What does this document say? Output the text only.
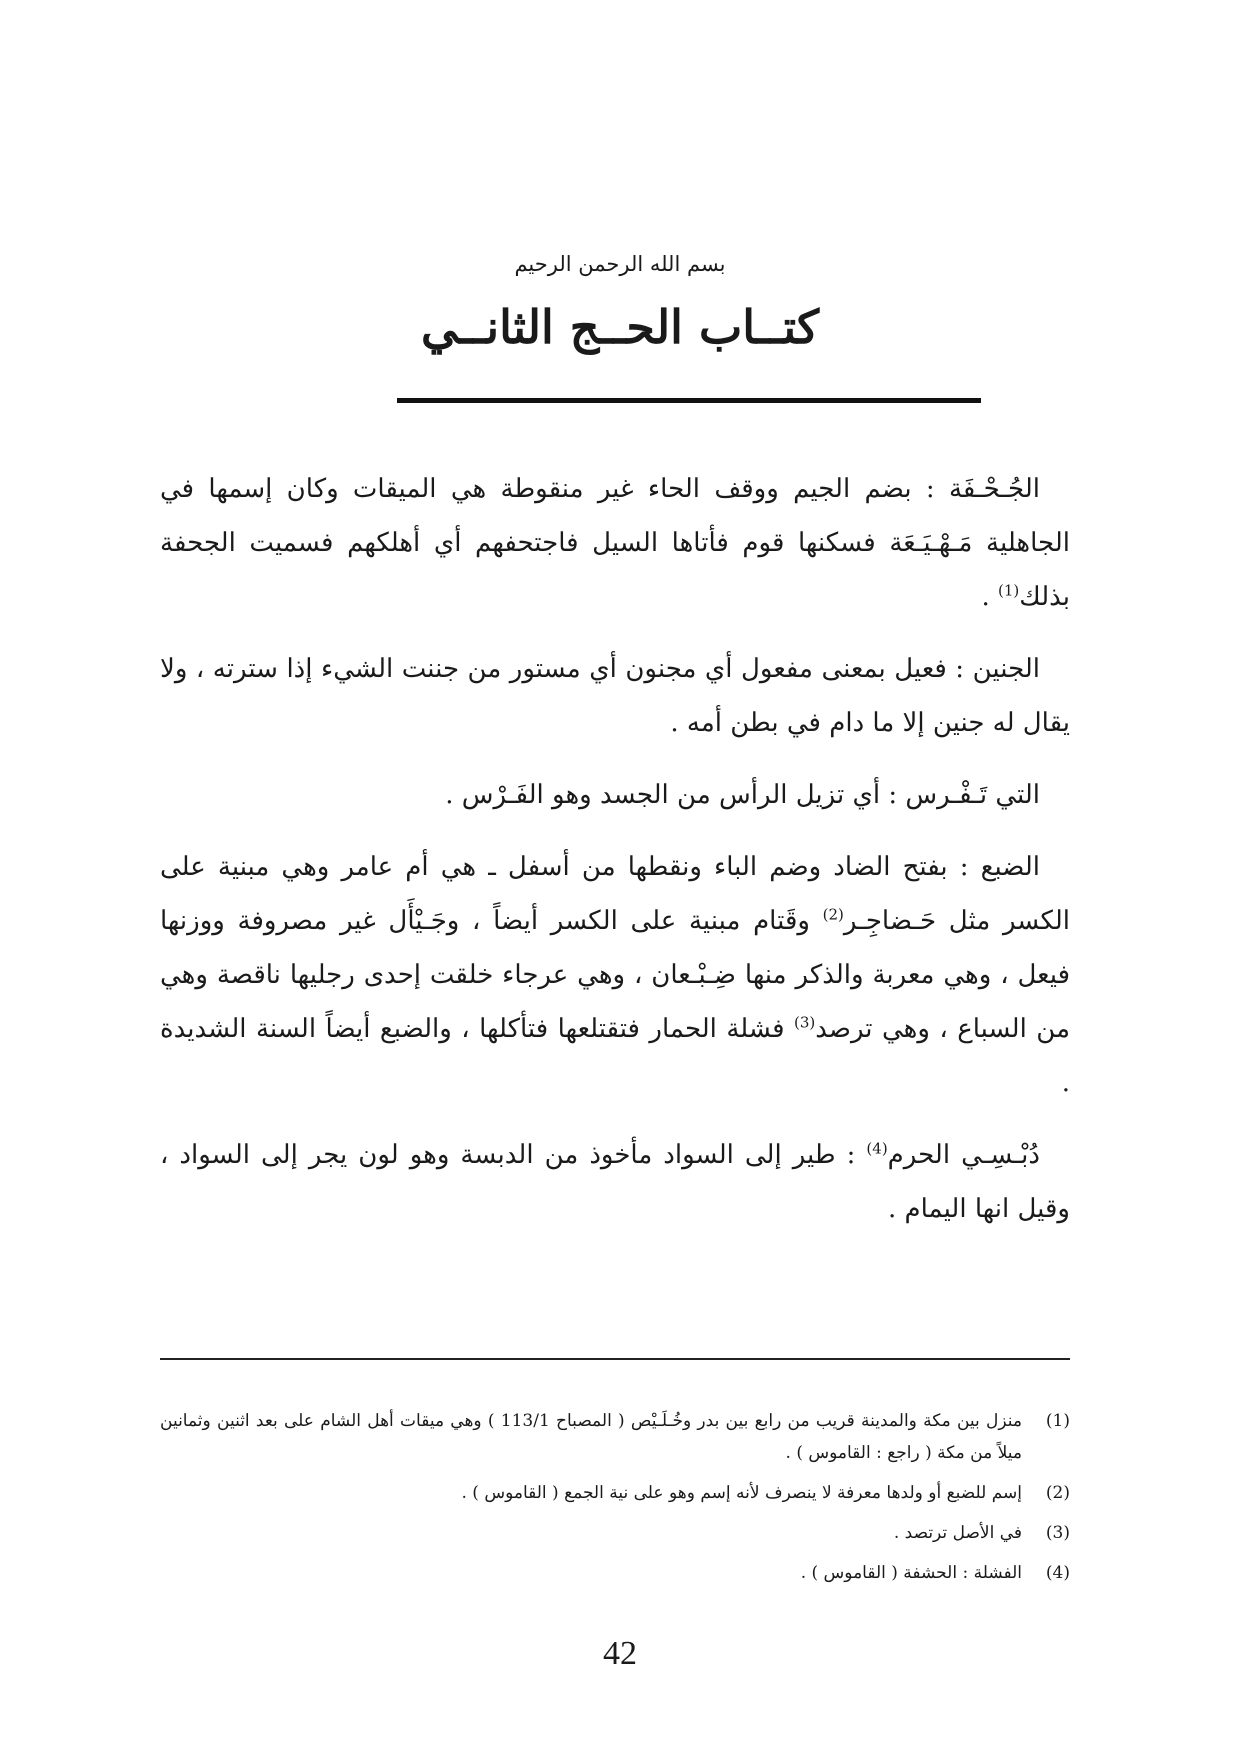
بسم الله الرحمن الرحيم
كتــاب الحــج الثانــي

الجُـحْـفَة : بضم الجيم ووقف الحاء غير منقوطة هي الميقات وكان إسمها في الجاهلية مَـهْـيَـعَة فسكنها قوم فأتاها السيل فاجتحفهم أي أهلكهم فسميت الجحفة بذلك$^{(1)}$ .

الجنين : فعيل بمعنى مفعول أي مجنون أي مستور من جننت الشيء إذا سترته ، ولا يقال له جنين إلا ما دام في بطن أمه .

التي تَـفْـرس : أي تزيل الرأس من الجسد وهو الفَـرْس .

الضبع : بفتح الضاد وضم الباء ونقطها من أسفل ـ هي أم عامر وهي مبنية على الكسر مثل حَـضاجِـر$^{(2)}$ وقَتام مبنية على الكسر أيضاً ، وجَـيْأَل غير مصروفة ووزنها فيعل ، وهي معربة والذكر منها ضِـبْـعان ، وهي عرجاء خلقت إحدى رجليها ناقصة وهي من السباع ، وهي ترصد$^{(3)}$ فشلة الحمار فتقتلعها فتأكلها ، والضبع أيضاً السنة الشديدة .

دُبْـسِـي الحرم$^{(4)}$ : طير إلى السواد مأخوذ من الدبسة وهو لون يجر إلى السواد ، وقيل انها اليمام .

(1)
منزل بين مكة والمدينة قريب من رابع بين بدر وخُـلَـيْص ( المصباح 113/1 ) وهي ميقات أهل الشام على بعد اثنين وثمانين ميلاً من مكة ( راجع : القاموس ) .
(2)
إسم للضبع أو ولدها معرفة لا ينصرف لأنه إسم وهو على نية الجمع ( القاموس ) .
(3)
في الأصل ترتصد .
(4)
الفشلة : الحشفة ( القاموس ) .
42
